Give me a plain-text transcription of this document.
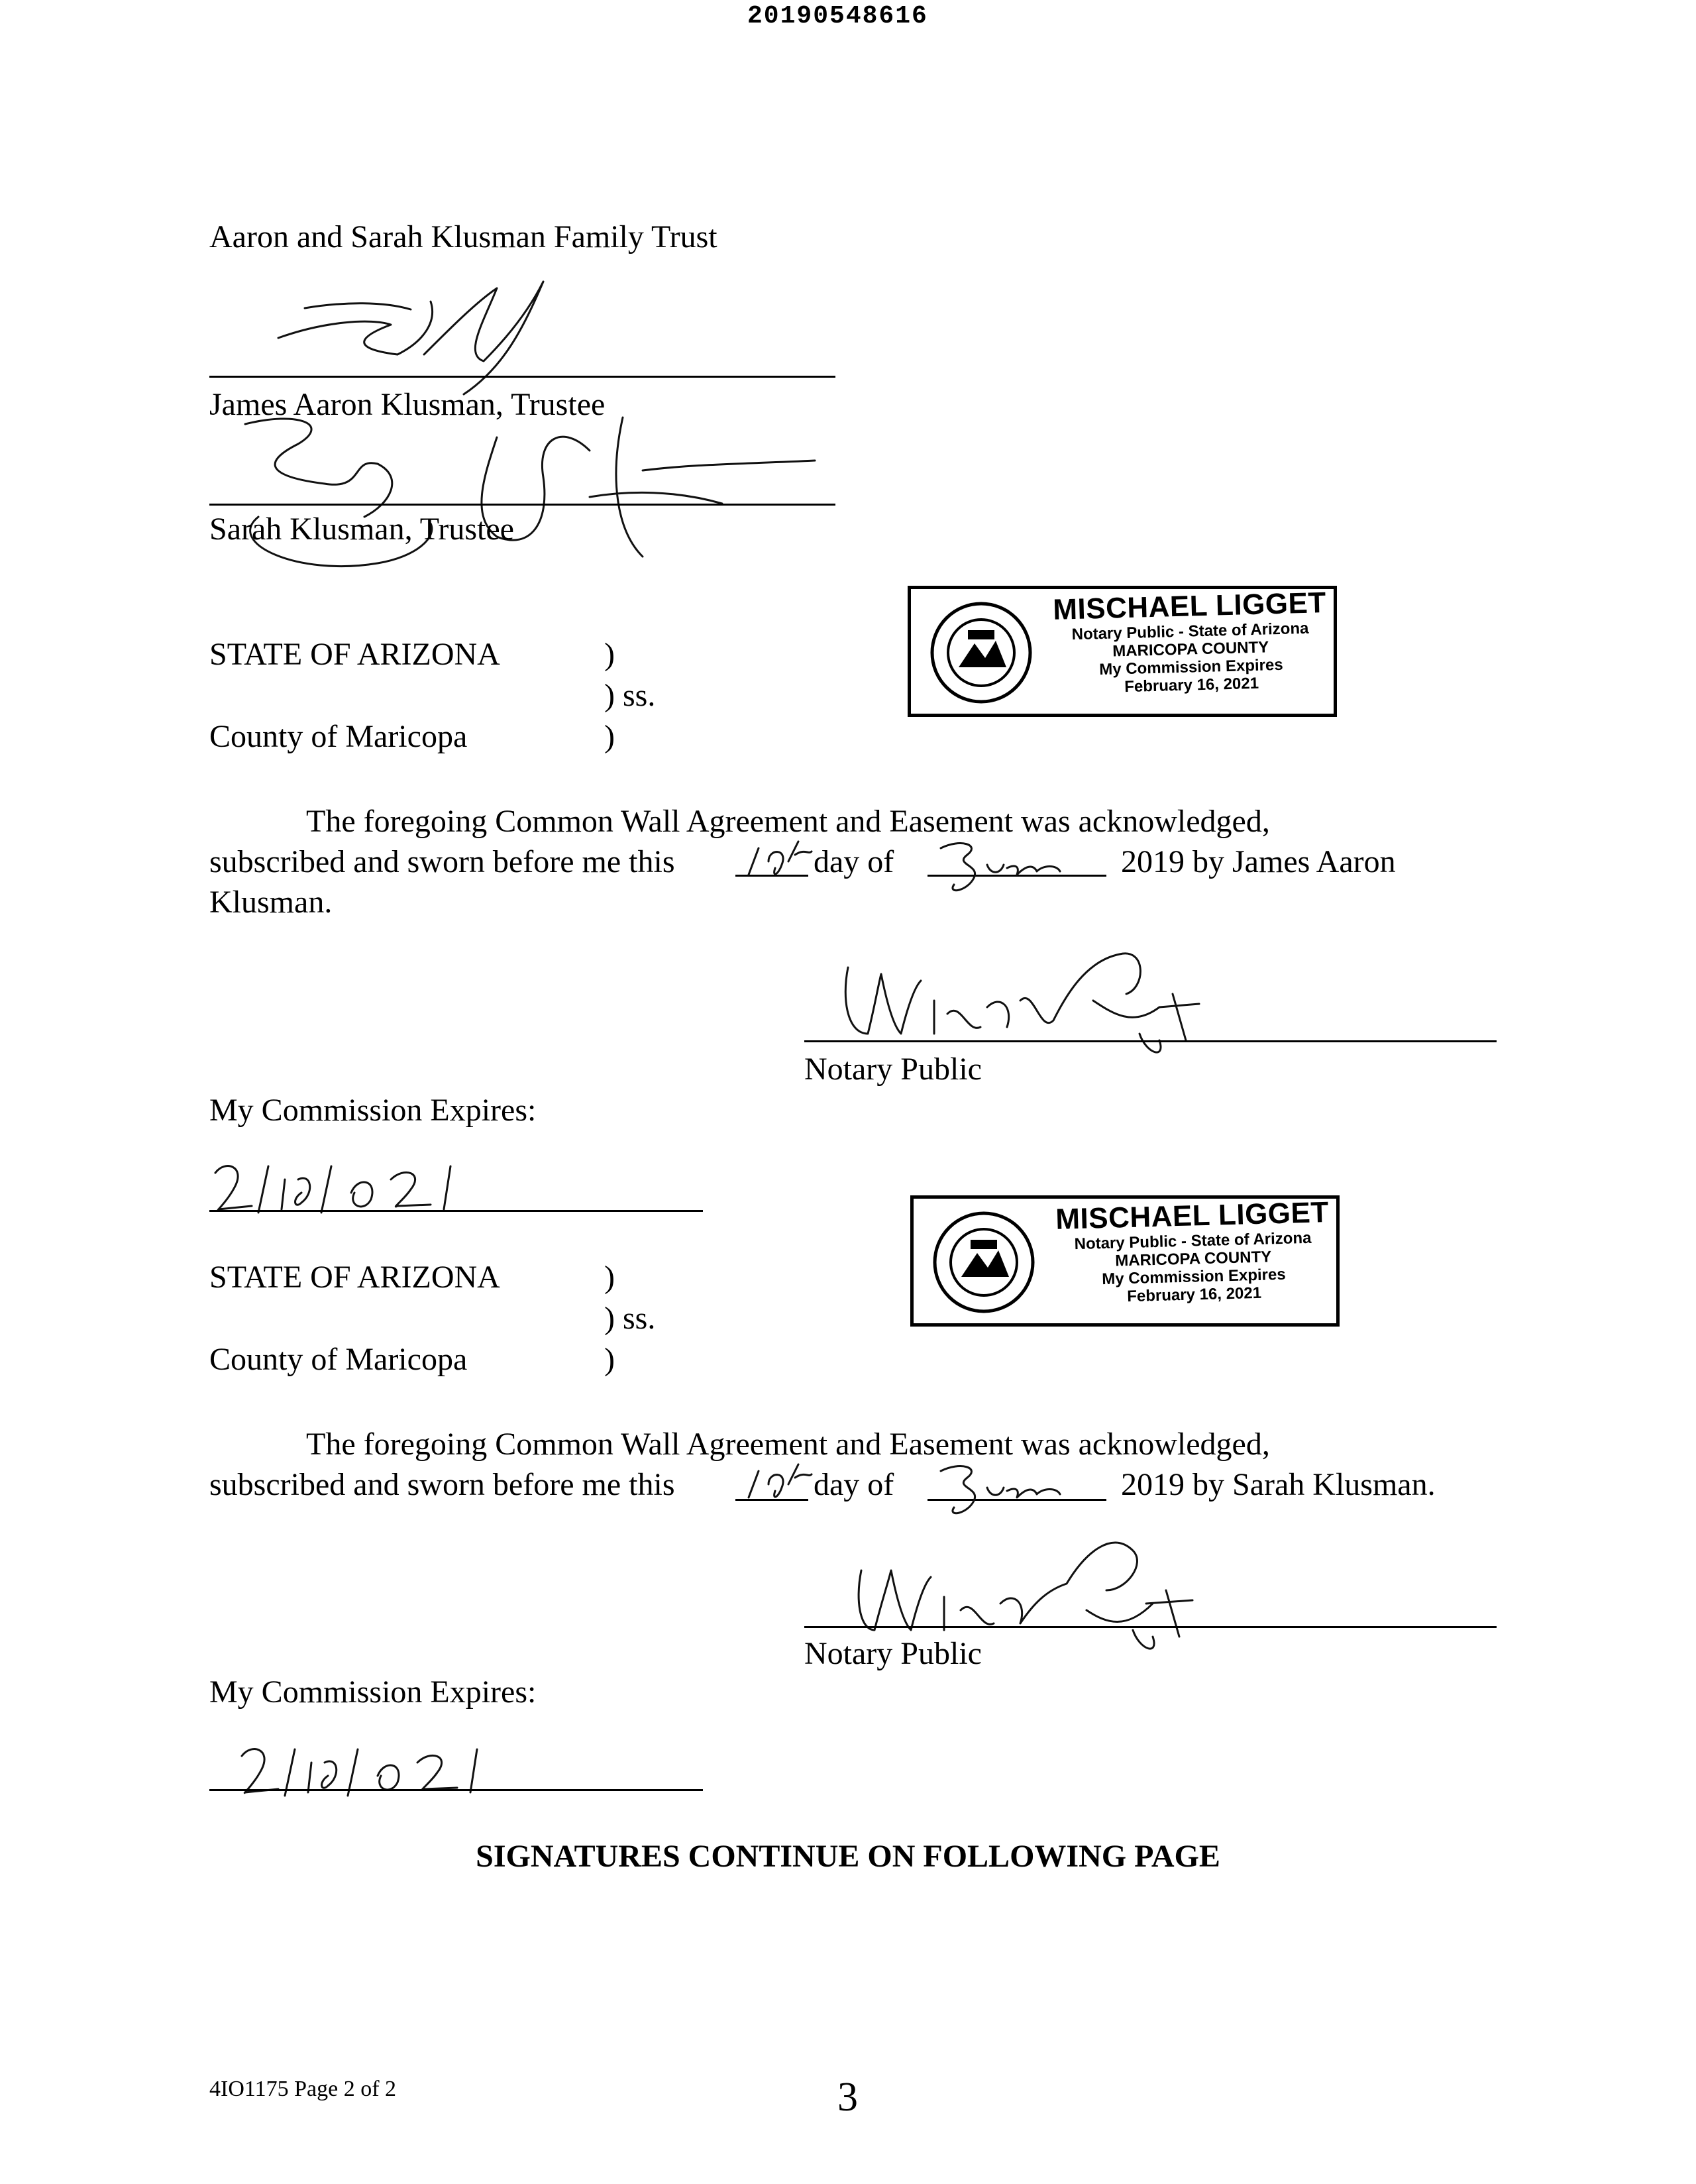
20190548616
Aaron and Sarah Klusman Family Trust
James Aaron Klusman, Trustee
Sarah Klusman, Trustee
STATE OF ARIZONA	)
) ss.
County of Maricopa	)
MISCHAEL LIGGET
Notary Public - State of Arizona
MARICOPA COUNTY
My Commission Expires
February 16, 2021
The foregoing Common Wall Agreement and Easement was acknowledged,
subscribed and sworn before me this	day of	2019 by James Aaron
Klusman.
Notary Public
My Commission Expires:
STATE OF ARIZONA	)
) ss.
County of Maricopa	)
MISCHAEL LIGGET
Notary Public - State of Arizona
MARICOPA COUNTY
My Commission Expires
February 16, 2021
The foregoing Common Wall Agreement and Easement was acknowledged,
subscribed and sworn before me this	day of	2019 by Sarah Klusman.
Notary Public
My Commission Expires:
SIGNATURES CONTINUE ON FOLLOWING PAGE
4IO1175 Page 2 of 2	3
